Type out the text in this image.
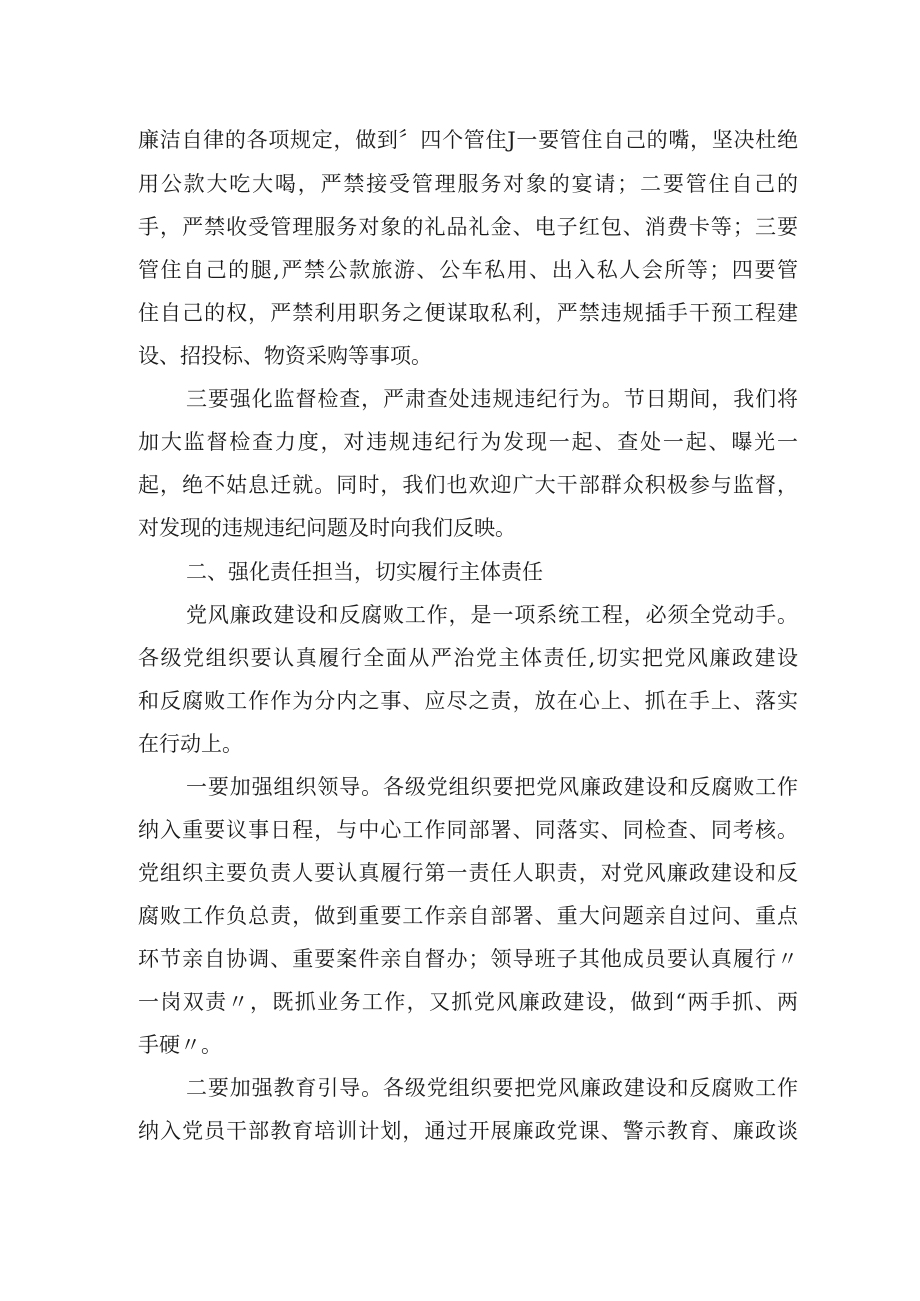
廉洁自律的各项规定，做到〞四个管住J一要管住自己的嘴，坚决杜绝
用公款大吃大喝，严禁接受管理服务对象的宴请；二要管住自己的
手，严禁收受管理服务对象的礼品礼金、电子红包、消费卡等；三要
管住自己的腿,严禁公款旅游、公车私用、出入私人会所等；四要管
住自己的权，严禁利用职务之便谋取私利，严禁违规插手干预工程建
设、招投标、物资采购等事项。
三要强化监督检查，严肃查处违规违纪行为。节日期间，我们将
加大监督检查力度，对违规违纪行为发现一起、查处一起、曝光一
起，绝不姑息迁就。同时，我们也欢迎广大干部群众积极参与监督，
对发现的违规违纪问题及时向我们反映。
二、强化责任担当，切实履行主体责任
党风廉政建设和反腐败工作，是一项系统工程，必须全党动手。
各级党组织要认真履行全面从严治党主体责任,切实把党风廉政建设
和反腐败工作作为分内之事、应尽之责，放在心上、抓在手上、落实
在行动上。
一要加强组织领导。各级党组织要把党风廉政建设和反腐败工作
纳入重要议事日程，与中心工作同部署、同落实、同检查、同考核。
党组织主要负责人要认真履行第一责任人职责，对党风廉政建设和反
腐败工作负总责，做到重要工作亲自部署、重大问题亲自过问、重点
环节亲自协调、重要案件亲自督办；领导班子其他成员要认真履行〃
一岗双责〃，既抓业务工作，又抓党风廉政建设，做到“两手抓、两
手硬〃。
二要加强教育引导。各级党组织要把党风廉政建设和反腐败工作
纳入党员干部教育培训计划，通过开展廉政党课、警示教育、廉政谈
